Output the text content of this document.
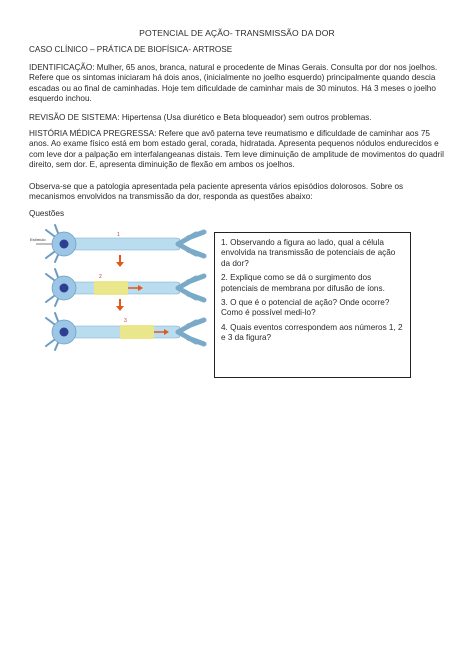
POTENCIAL DE AÇÃO- TRANSMISSÃO DA DOR

CASO CLÍNICO – PRÁTICA DE BIOFÍSICA- ARTROSE

IDENTIFICAÇÃO: Mulher, 65 anos, branca, natural e procedente de Minas Gerais. Consulta por dor nos joelhos. Refere que os sintomas iniciaram há dois anos, (inicialmente no joelho esquerdo) principalmente quando descia escadas ou ao final de caminhadas. Hoje tem dificuldade de caminhar mais de 30 minutos. Há 3 meses o joelho esquerdo inchou.

REVISÃO DE SISTEMA: Hipertensa (Usa diurético e Beta bloqueador) sem outros problemas.

HISTÓRIA MÉDICA PREGRESSA: Refere que avô paterna teve reumatismo e dificuldade de caminhar aos 75 anos. Ao exame físico está em bom estado geral, corada, hidratada. Apresenta pequenos nódulos endurecidos e com leve dor a palpação em interfalangeanas distais. Tem leve diminuição de amplitude de movimentos do quadril direito, sem dor. E, apresenta diminuição de flexão em ambos os joelhos.

Observa-se que a patologia apresentada pela paciente apresenta vários episódios dolorosos. Sobre os mecanismos envolvidos na transmissão da dor, responda as questões abaixo:

Questões

Estímulo
1
2
3

1. Observando a figura ao lado, qual a célula envolvida na transmissão de potenciais de ação da dor?

2. Explique como se dá o surgimento dos potenciais de membrana por difusão de íons.

3. O que é o potencial de ação? Onde ocorre? Como é possível medi-lo?

4. Quais eventos correspondem aos números 1, 2 e 3 da figura?
